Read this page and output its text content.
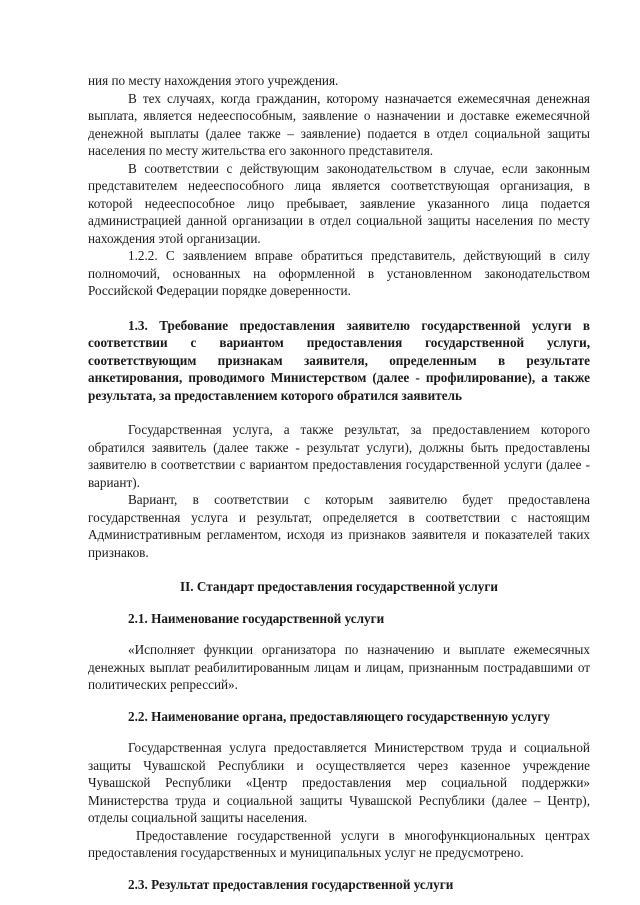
ния по месту нахождения этого учреждения.

В тех случаях, когда гражданин, которому назначается ежемесячная денежная выплата, является недееспособным, заявление о назначении и доставке ежемесячной денежной выплаты (далее также – заявление) подается в отдел социальной защиты населения по месту жительства его законного представителя.

В соответствии с действующим законодательством в случае, если законным представителем недееспособного лица является соответствующая организация, в которой недееспособное лицо пребывает, заявление указанного лица подается администрацией данной организации в отдел социальной защиты населения по месту нахождения этой организации.

1.2.2. С заявлением вправе обратиться представитель, действующий в силу полномочий, основанных на оформленной в установленном законодательством Российской Федерации порядке доверенности.

1.3. Требование предоставления заявителю государственной услуги в соответствии с вариантом предоставления государственной услуги, соответствующим признакам заявителя, определенным в результате анкетирования, проводимого Министерством (далее - профилирование), а также результата, за предоставлением которого обратился заявитель

Государственная услуга, а также результат, за предоставлением которого обратился заявитель (далее также - результат услуги), должны быть предоставлены заявителю в соответствии с вариантом предоставления государственной услуги (далее - вариант).

Вариант, в соответствии с которым заявителю будет предоставлена государственная услуга и результат, определяется в соответствии с настоящим Административным регламентом, исходя из признаков заявителя и показателей таких признаков.

II. Стандарт предоставления государственной услуги

2.1. Наименование государственной услуги

«Исполняет функции организатора по назначению и выплате ежемесячных денежных выплат реабилитированным лицам и лицам, признанным пострадавшими от политических репрессий».

2.2. Наименование органа, предоставляющего государственную услугу

Государственная услуга предоставляется Министерством труда и социальной защиты Чувашской Республики и осуществляется через казенное учреждение Чувашской Республики «Центр предоставления мер социальной поддержки» Министерства труда и социальной защиты Чувашской Республики (далее – Центр), отделы социальной защиты населения.

Предоставление государственной услуги в многофункциональных центрах предоставления государственных и муниципальных услуг не предусмотрено.

2.3. Результат предоставления государственной услуги
